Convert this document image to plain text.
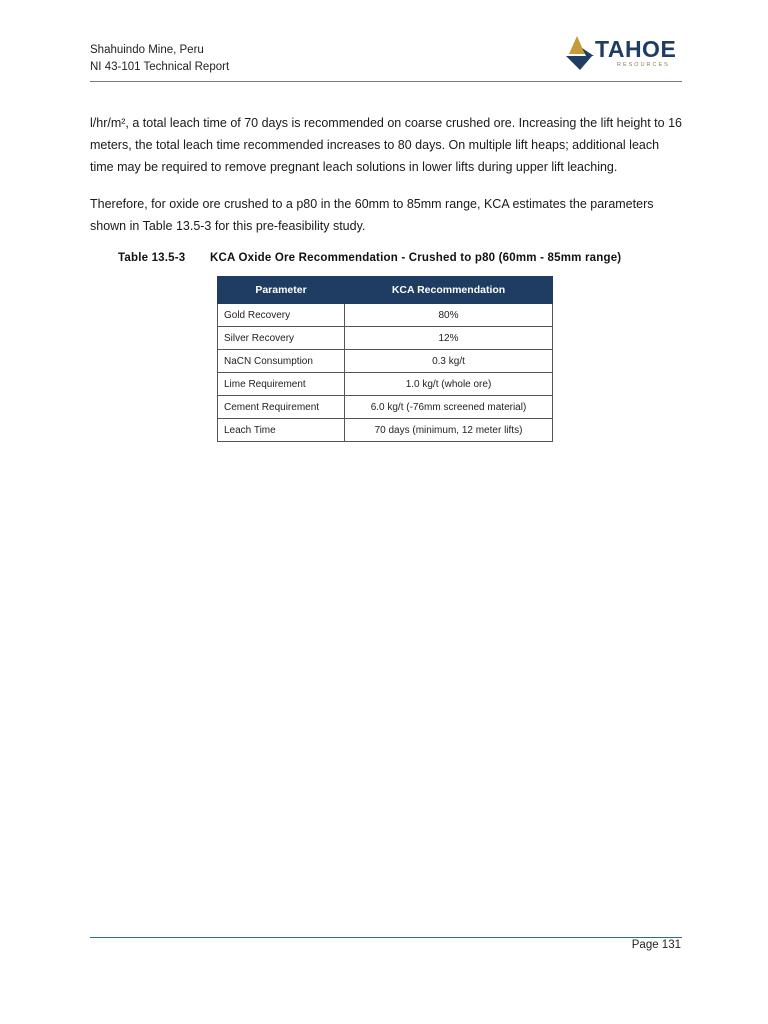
Shahuindo Mine, Peru
NI 43-101 Technical Report
TAHOE
RESOURCES
l/hr/m², a total leach time of 70 days is recommended on coarse crushed ore. Increasing the lift height to 16 meters, the total leach time recommended increases to 80 days. On multiple lift heaps; additional leach time may be required to remove pregnant leach solutions in lower lifts during upper lift leaching.
Therefore, for oxide ore crushed to a p80 in the 60mm to 85mm range, KCA estimates the parameters shown in Table 13.5-3 for this pre-feasibility study.
Table 13.5-3 KCA Oxide Ore Recommendation - Crushed to p80 (60mm - 85mm range)
Parameter	KCA Recommendation
Gold Recovery	80%
Silver Recovery	12%
NaCN Consumption	0.3 kg/t
Lime Requirement	1.0 kg/t (whole ore)
Cement Requirement	6.0 kg/t (-76mm screened material)
Leach Time	70 days (minimum, 12 meter lifts)
Page 131
